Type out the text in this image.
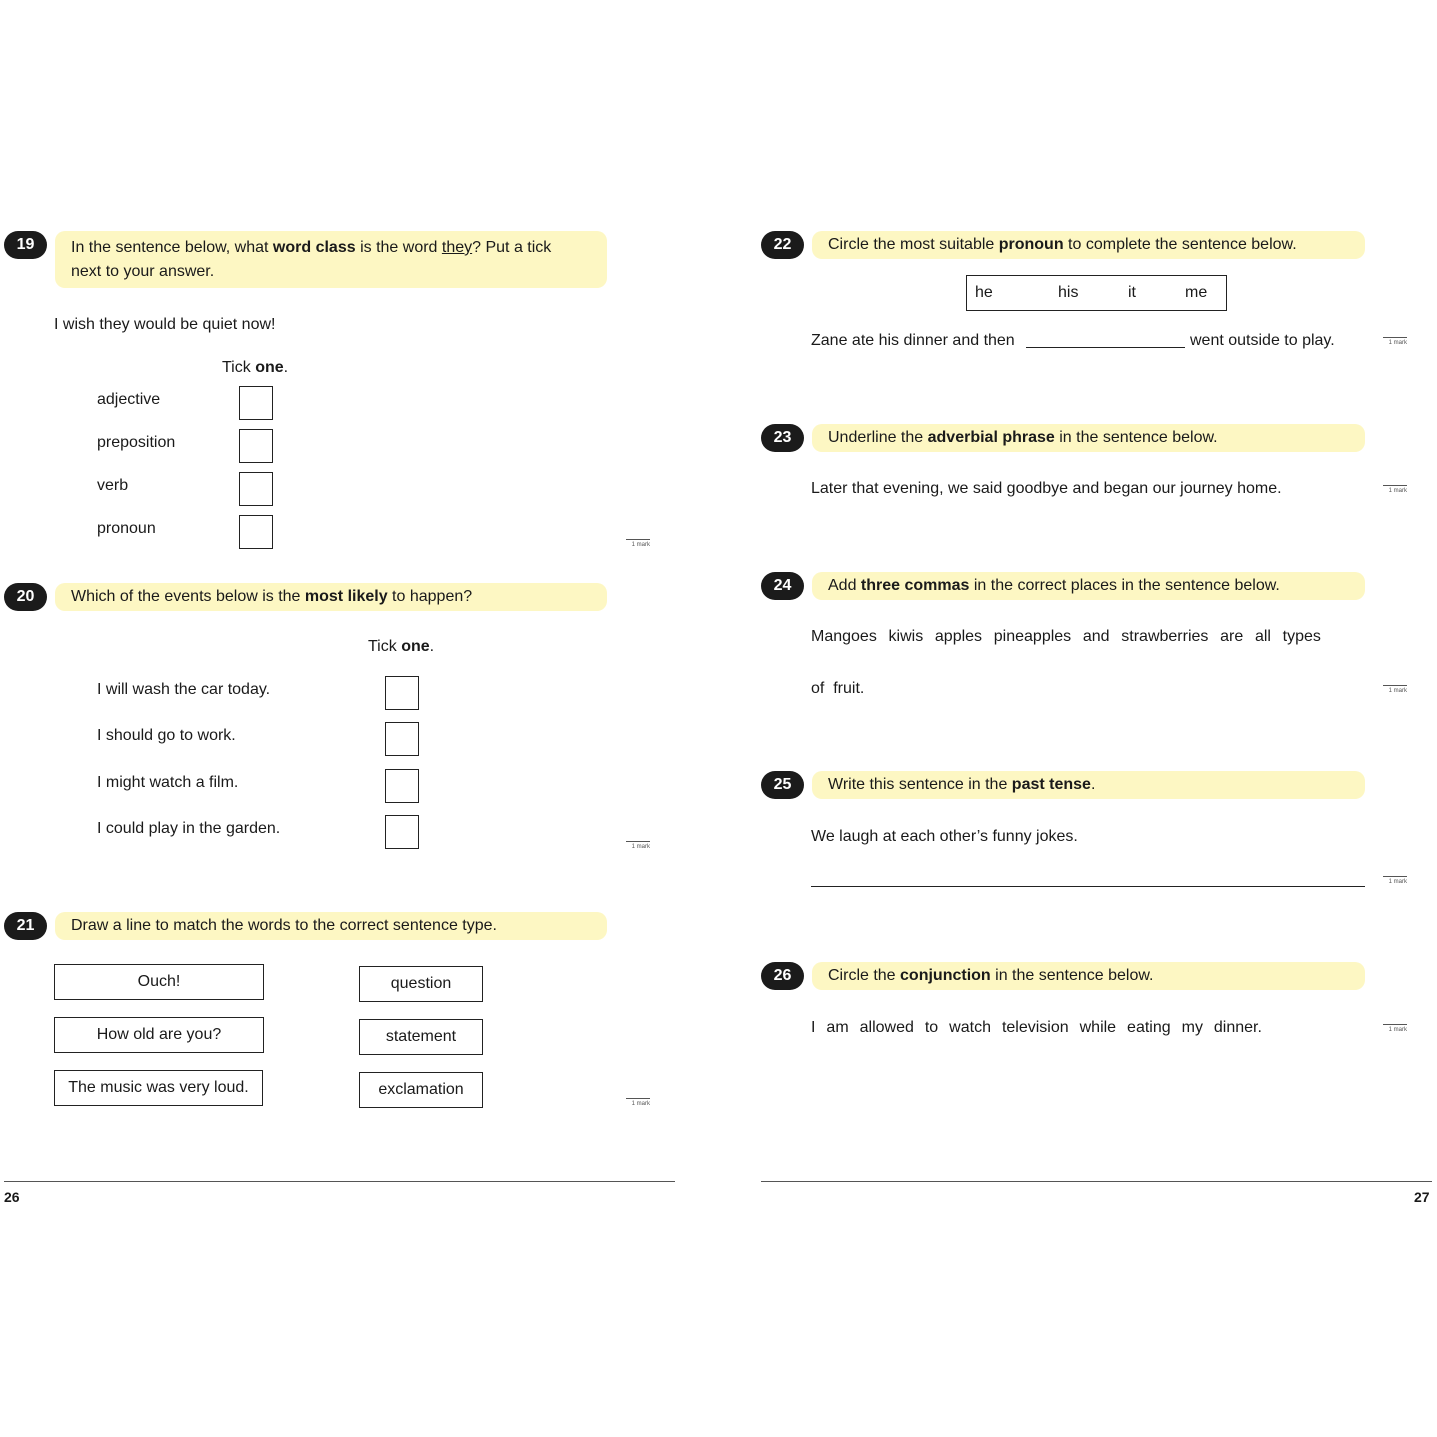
19	In the sentence below, what word class is the word they? Put a tick
next to your answer.
I wish they would be quiet now!
Tick one.
adjective
preposition
verb
pronoun
1 mark
20	Which of the events below is the most likely to happen?
Tick one.
I will wash the car today.
I should go to work.
I might watch a film.
I could play in the garden.
1 mark
21	Draw a line to match the words to the correct sentence type.
Ouch!
How old are you?
The music was very loud.
question
statement
exclamation
1 mark
26
22	Circle the most suitable pronoun to complete the sentence below.
he	his	it	me
Zane ate his dinner and then	went outside to play.	1 mark
23	Underline the adverbial phrase in the sentence below.
Later that evening, we said goodbye and began our journey home.	1 mark
24	Add three commas in the correct places in the sentence below.
Mangoes kiwis apples pineapples and strawberries are all types
of  fruit.	1 mark
25	Write this sentence in the past tense.
We laugh at each other’s funny jokes.
1 mark
26	Circle the conjunction in the sentence below.
I am allowed to watch television while eating my dinner.	1 mark
27
